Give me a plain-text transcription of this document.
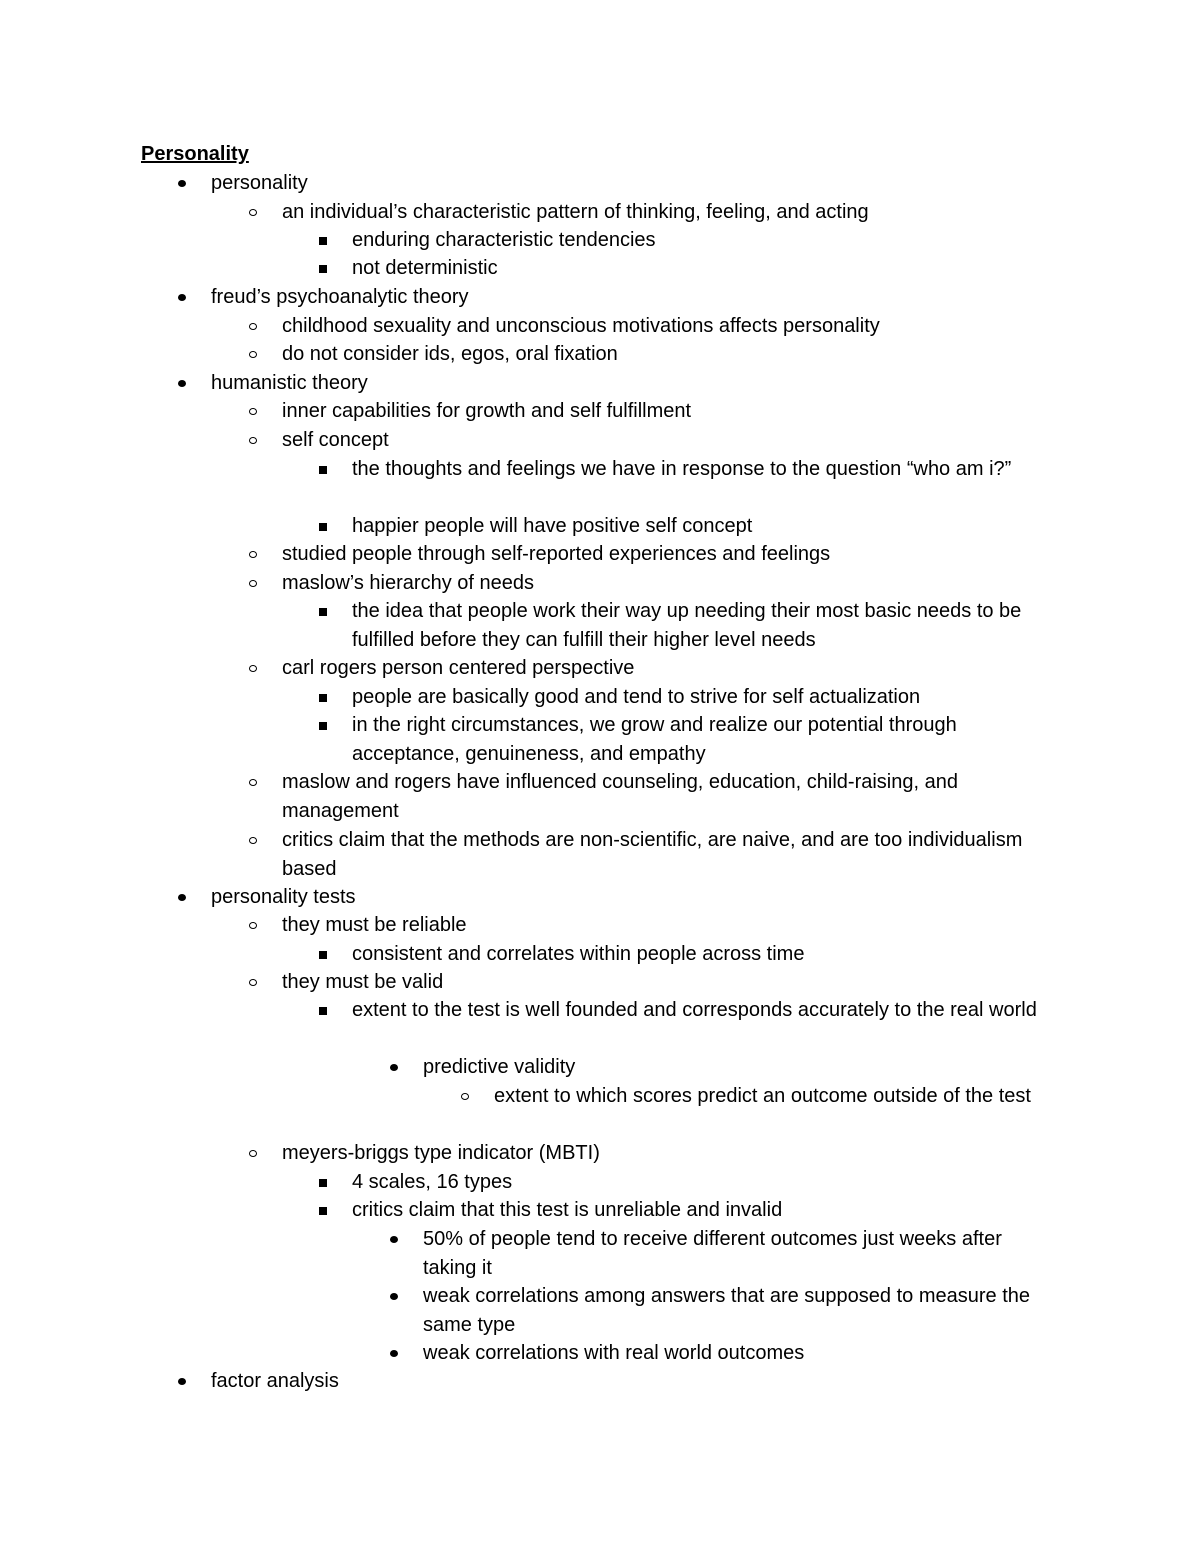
Personality
personality
an individual’s characteristic pattern of thinking, feeling, and acting
enduring characteristic tendencies
not deterministic
freud’s psychoanalytic theory
childhood sexuality and unconscious motivations affects personality
do not consider ids, egos, oral fixation
humanistic theory
inner capabilities for growth and self fulfillment
self concept
the thoughts and feelings we have in response to the question “who am i?”
happier people will have positive self concept
studied people through self-reported experiences and feelings
maslow’s hierarchy of needs
the idea that people work their way up needing their most basic needs to be fulfilled before they can fulfill their higher level needs
carl rogers person centered perspective
people are basically good and tend to strive for self actualization
in the right circumstances, we grow and realize our potential through acceptance, genuineness, and empathy
maslow and rogers have influenced counseling, education, child-raising, and management
critics claim that the methods are non-scientific, are naive, and are too individualism based
personality tests
they must be reliable
consistent and correlates within people across time
they must be valid
extent to the test is well founded and corresponds accurately to the real world
predictive validity
extent to which scores predict an outcome outside of the test
meyers-briggs type indicator (MBTI)
4 scales, 16 types
critics claim that this test is unreliable and invalid
50% of people tend to receive different outcomes just weeks after taking it
weak correlations among answers that are supposed to measure the same type
weak correlations with real world outcomes
factor analysis
